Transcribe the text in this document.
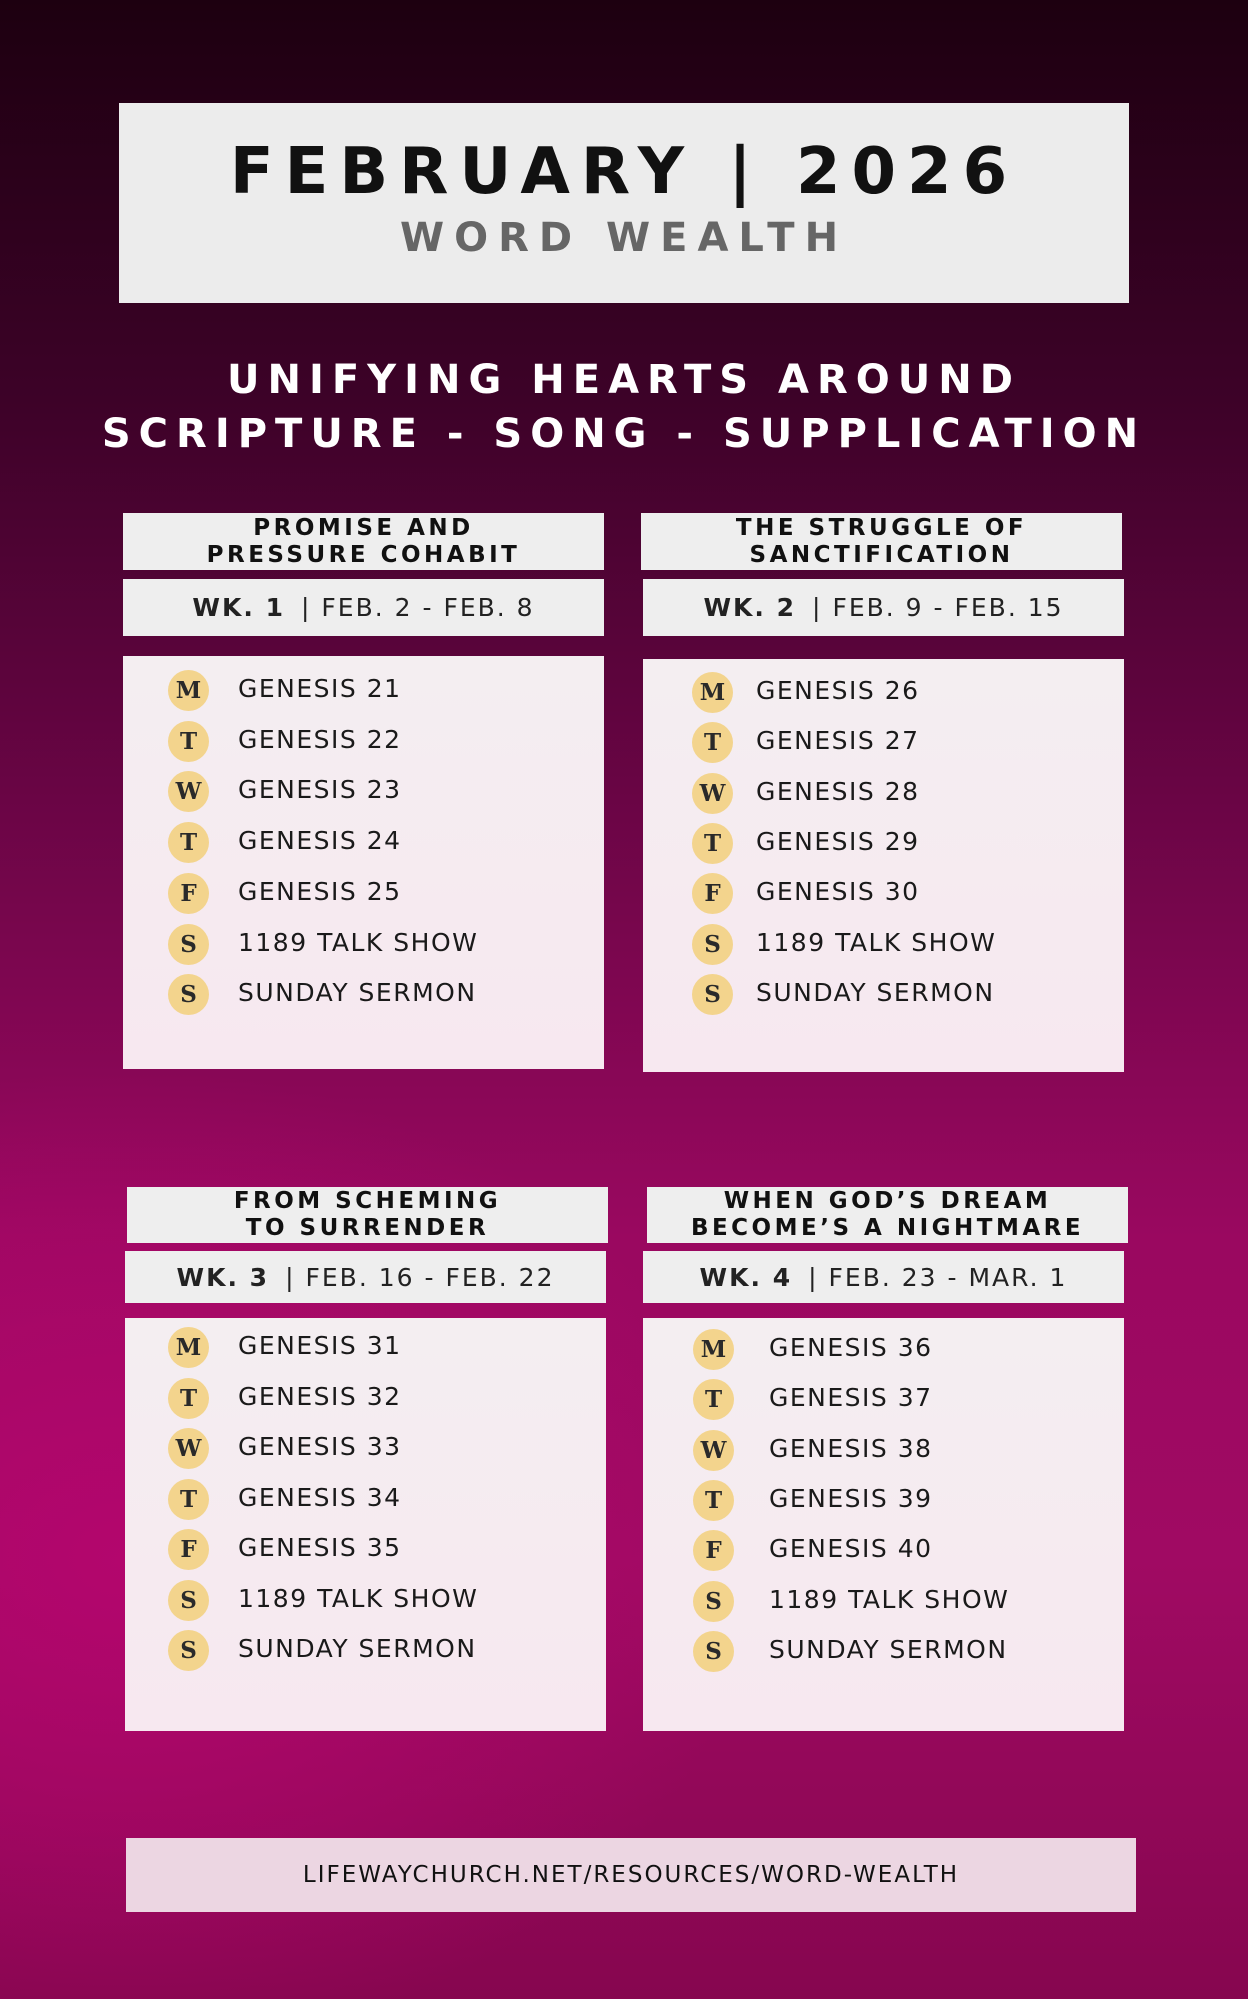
FEBRUARY | 2026
WORD WEALTH
UNIFYING HEARTS AROUND
SCRIPTURE - SONG - SUPPLICATION
PROMISE AND
PRESSURE COHABIT
WK. 1 | FEB. 2 - FEB. 8
M	GENESIS 21
T	GENESIS 22
W	GENESIS 23
T	GENESIS 24
F	GENESIS 25
S	1189 TALK SHOW
S	SUNDAY SERMON
THE STRUGGLE OF
SANCTIFICATION
WK. 2 | FEB. 9 - FEB. 15
M	GENESIS 26
T	GENESIS 27
W	GENESIS 28
T	GENESIS 29
F	GENESIS 30
S	1189 TALK SHOW
S	SUNDAY SERMON
FROM SCHEMING
TO SURRENDER
WK. 3 | FEB. 16 - FEB. 22
M	GENESIS 31
T	GENESIS 32
W	GENESIS 33
T	GENESIS 34
F	GENESIS 35
S	1189 TALK SHOW
S	SUNDAY SERMON
WHEN GOD’S DREAM
BECOME’S A NIGHTMARE
WK. 4 | FEB. 23 - MAR. 1
M	GENESIS 36
T	GENESIS 37
W	GENESIS 38
T	GENESIS 39
F	GENESIS 40
S	1189 TALK SHOW
S	SUNDAY SERMON
LIFEWAYCHURCH.NET/RESOURCES/WORD-WEALTH
